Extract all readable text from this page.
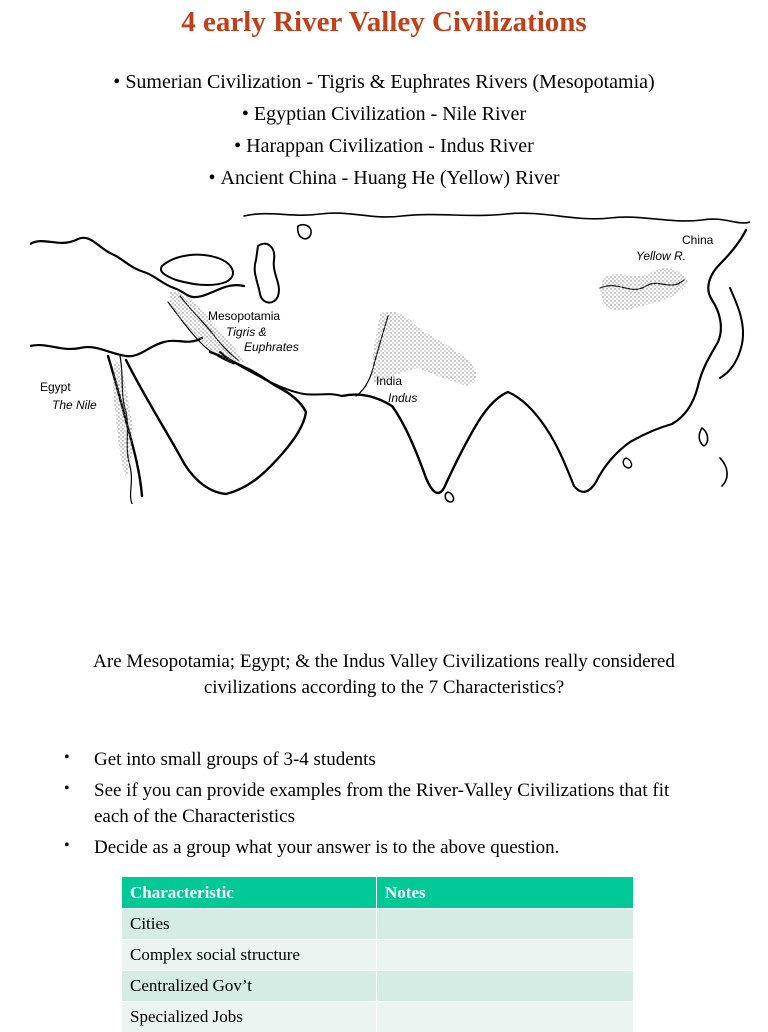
4 early River Valley Civilizations
• Sumerian Civilization - Tigris & Euphrates Rivers (Mesopotamia)
• Egyptian Civilization - Nile River
• Harappan Civilization - Indus River
• Ancient China - Huang He (Yellow) River
China
Yellow R.
Mesopotamia
Tigris &
Euphrates
India
Indus
Egypt
The Nile
Are Mesopotamia; Egypt; & the Indus Valley Civilizations really considered civilizations according to the 7 Characteristics?
• Get into small groups of 3-4 students
• See if you can provide examples from the River-Valley Civilizations that fit each of the Characteristics
• Decide as a group what your answer is to the above question.
Characteristic	Notes
Cities	
Complex social structure	
Centralized Gov’t	
Specialized Jobs	
